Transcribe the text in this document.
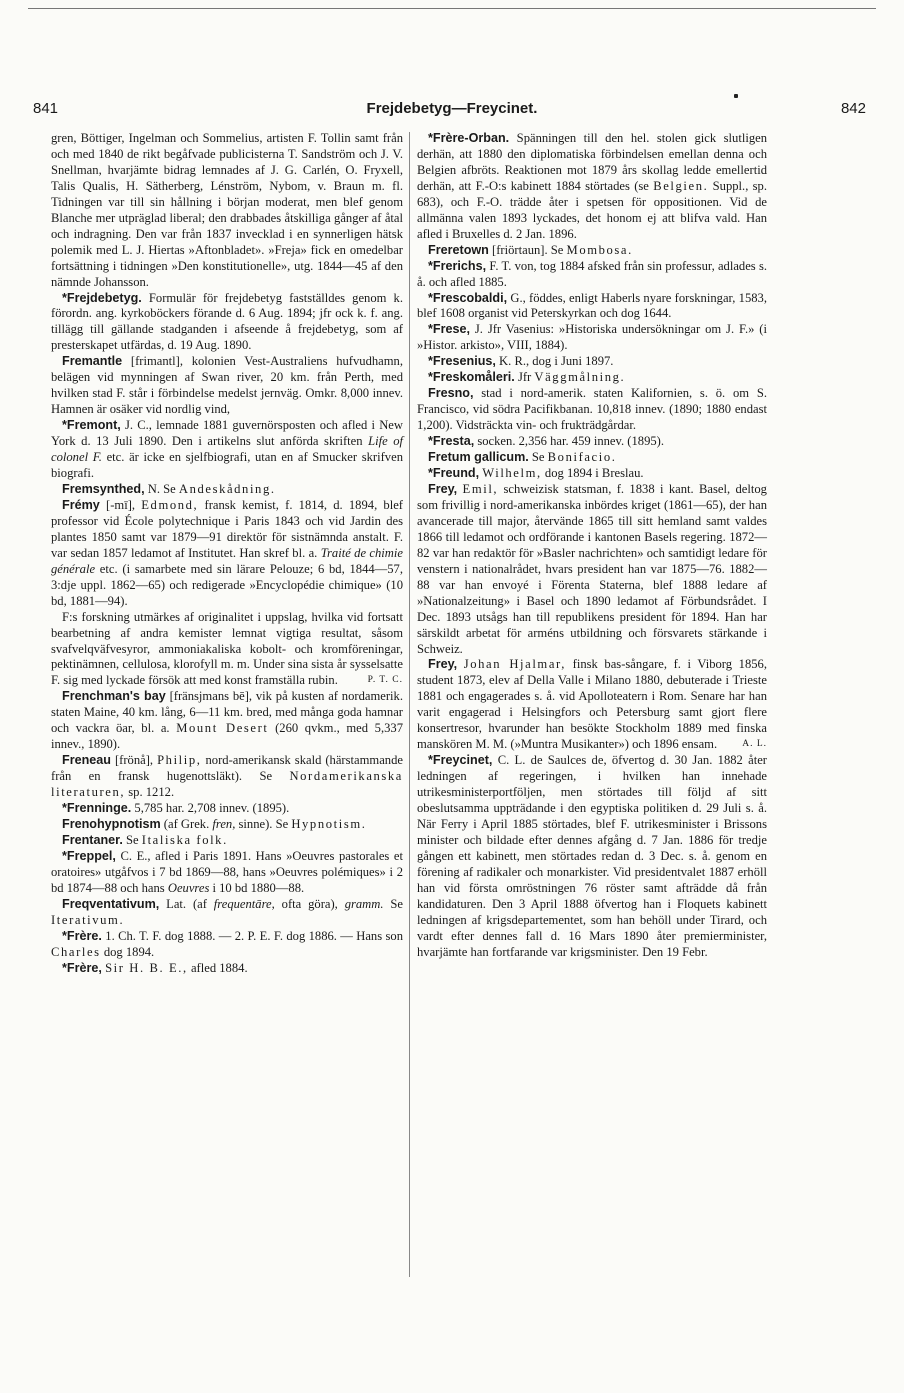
841	Frejdebetyg—Freycinet.	842

gren, Böttiger, Ingelman och Sommelius, artisten F. Tollin samt från och med 1840 de rikt begåfvade publicisterna T. Sandström och J. V. Snellman, hvarjämte bidrag lemnades af J. G. Carlén, O. Fryxell, Talis Qualis, H. Sätherberg, Lénström, Nybom, v. Braun m. fl. Tidningen var till sin hållning i början moderat, men blef genom Blanche mer utpräglad liberal; den drabbades åtskilliga gånger af åtal och indragning. Den var från 1837 invecklad i en synnerligen hätsk polemik med L. J. Hiertas »Aftonbladet». »Freja» fick en omedelbar fortsättning i tidningen »Den konstitutionelle», utg. 1844—45 af den nämnde Johansson.

*Frejdebetyg. Formulär för frejdebetyg fastställdes genom k. förordn. ang. kyrkoböckers förande d. 6 Aug. 1894; jfr ock k. f. ang. tillägg till gällande stadganden i afseende å frejdebetyg, som af presterskapet utfärdas, d. 19 Aug. 1890.

Fremantle [frimantl], kolonien Vest-Australiens hufvudhamn, belägen vid mynningen af Swan river, 20 km. från Perth, med hvilken stad F. står i förbindelse medelst jernväg. Omkr. 8,000 innev. Hamnen är osäker vid nordlig vind,

*Fremont, J. C., lemnade 1881 guvernörsposten och afled i New York d. 13 Juli 1890. Den i artikelns slut anförda skriften Life of colonel F. etc. är icke en sjelfbiografi, utan en af Smucker skrifven biografi.

Fremsynthed, N. Se Andeskådning.

Frémy [-mī], Edmond, fransk kemist, f. 1814, d. 1894, blef professor vid École polytechnique i Paris 1843 och vid Jardin des plantes 1850 samt var 1879—91 direktör för sistnämnda anstalt. F. var sedan 1857 ledamot af Institutet. Han skref bl. a. Traité de chimie générale etc. (i samarbete med sin lärare Pelouze; 6 bd, 1844—57, 3:dje uppl. 1862—65) och redigerade »Encyclopédie chimique» (10 bd, 1881—94).

F:s forskning utmärkes af originalitet i uppslag, hvilka vid fortsatt bearbetning af andra kemister lemnat vigtiga resultat, såsom svafvelqväfvesyror, ammoniakaliska kobolt- och kromföreningar, pektinämnen, cellulosa, klorofyll m. m. Under sina sista år sysselsatte F. sig med lyckade försök att med konst framställa rubin.	P. T. C.

Frenchman's bay [fränsjmans bē], vik på kusten af nordamerik. staten Maine, 40 km. lång, 6—11 km. bred, med många goda hamnar och vackra öar, bl. a. Mount Desert (260 qvkm., med 5,337 innev., 1890).

Freneau [frönå], Philip, nord-amerikansk skald (härstammande från en fransk hugenottsläkt). Se Nordamerikanska literaturen, sp. 1212.

*Frenninge. 5,785 har. 2,708 innev. (1895).

Frenohypnotism (af Grek. fren, sinne). Se Hypnotism.

Frentaner. Se Italiska folk.

*Freppel, C. E., afled i Paris 1891. Hans »Oeuvres pastorales et oratoires» utgåfvos i 7 bd 1869—88, hans »Oeuvres polémiques» i 2 bd 1874—88 och hans Oeuvres i 10 bd 1880—88.

Freqventativum, Lat. (af frequentāre, ofta göra), gramm. Se Iterativum.

*Frère. 1. Ch. T. F. dog 1888. — 2. P. E. F. dog 1886. — Hans son Charles dog 1894.

*Frère, Sir H. B. E., afled 1884.

*Frère-Orban. Spänningen till den hel. stolen gick slutligen derhän, att 1880 den diplomatiska förbindelsen emellan denna och Belgien afbröts. Reaktionen mot 1879 års skollag ledde emellertid derhän, att F.-O:s kabinett 1884 störtades (se Belgien. Suppl., sp. 683), och F.-O. trädde åter i spetsen för oppositionen. Vid de allmänna valen 1893 lyckades, det honom ej att blifva vald. Han afled i Bruxelles d. 2 Jan. 1896.

Freretown [friörtaun]. Se Mombosa.

*Frerichs, F. T. von, tog 1884 afsked från sin professur, adlades s. å. och afled 1885.

*Frescobaldi, G., föddes, enligt Haberls nyare forskningar, 1583, blef 1608 organist vid Peterskyrkan och dog 1644.

*Frese, J. Jfr Vasenius: »Historiska undersökningar om J. F.» (i »Histor. arkisto», VIII, 1884).

*Fresenius, K. R., dog i Juni 1897.

*Freskomåleri. Jfr Väggmålning.

Fresno, stad i nord-amerik. staten Kalifornien, s. ö. om S. Francisco, vid södra Pacifikbanan. 10,818 innev. (1890; 1880 endast 1,200). Vidsträckta vin- och frukträdgårdar.

*Fresta, socken. 2,356 har. 459 innev. (1895).

Fretum gallicum. Se Bonifacio.

*Freund, Wilhelm, dog 1894 i Breslau.

Frey, Emil, schweizisk statsman, f. 1838 i kant. Basel, deltog som frivillig i nord-amerikanska inbördes kriget (1861—65), der han avancerade till major, återvände 1865 till sitt hemland samt valdes 1866 till ledamot och ordförande i kantonen Basels regering. 1872—82 var han redaktör för »Basler nachrichten» och samtidigt ledare för venstern i nationalrådet, hvars president han var 1875—76. 1882—88 var han envoyé i Förenta Staterna, blef 1888 ledare af »Nationalzeitung» i Basel och 1890 ledamot af Förbundsrådet. I Dec. 1893 utsågs han till republikens president för 1894. Han har särskildt arbetat för arméns utbildning och försvarets stärkande i Schweiz.

Frey, Johan Hjalmar, finsk bas-sångare, f. i Viborg 1856, student 1873, elev af Della Valle i Milano 1880, debuterade i Trieste 1881 och engagerades s. å. vid Apolloteatern i Rom. Senare har han varit engagerad i Helsingfors och Petersburg samt gjort flere konsertresor, hvarunder han besökte Stockholm 1889 med finska manskören M. M. (»Muntra Musikanter») och 1896 ensam.	A. L.

*Freycinet, C. L. de Saulces de, öfvertog d. 30 Jan. 1882 åter ledningen af regeringen, i hvilken han innehade utrikesministerportföljen, men störtades till följd af sitt obeslutsamma uppträdande i den egyptiska politiken d. 29 Juli s. å. När Ferry i April 1885 störtades, blef F. utrikesminister i Brissons minister och bildade efter dennes afgång d. 7 Jan. 1886 för tredje gången ett kabinett, men störtades redan d. 3 Dec. s. å. genom en förening af radikaler och monarkister. Vid presidentvalet 1887 erhöll han vid första omröstningen 76 röster samt afträdde då från kandidaturen. Den 3 April 1888 öfvertog han i Floquets kabinett ledningen af krigsdepartementet, som han behöll under Tirard, och vardt efter dennes fall d. 16 Mars 1890 åter premierminister, hvarjämte han fortfarande var krigsminister. Den 19 Febr.
